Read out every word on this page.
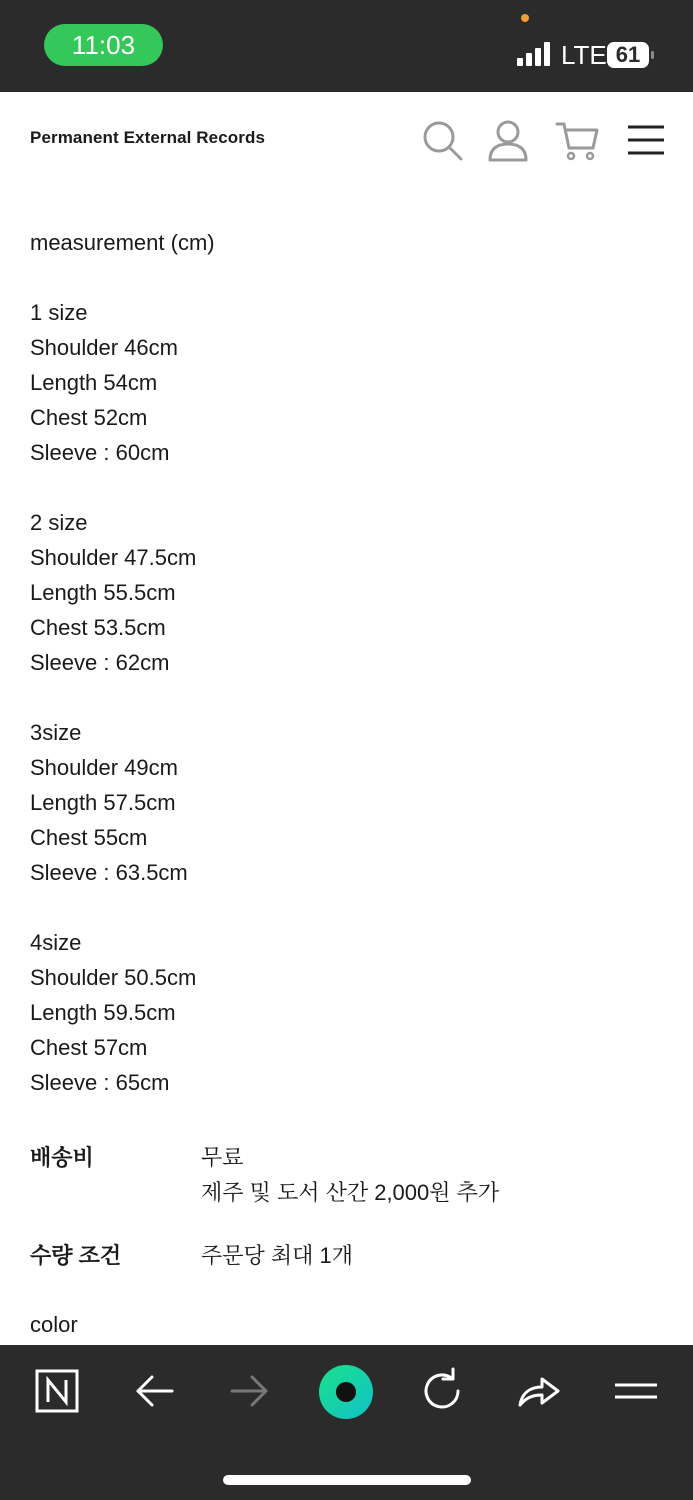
11:03	LTE 61
Permanent External Records
measurement (cm)
1 size
Shoulder 46cm
Length 54cm
Chest 52cm
Sleeve : 60cm
2 size
Shoulder 47.5cm
Length 55.5cm
Chest 53.5cm
Sleeve : 62cm
3size
Shoulder 49cm
Length 57.5cm
Chest 55cm
Sleeve : 63.5cm
4size
Shoulder 50.5cm
Length 59.5cm
Chest 57cm
Sleeve : 65cm
배송비	무료
제주 및 도서 산간 2,000원 추가
수량 조건	주문당 최대 1개
color
